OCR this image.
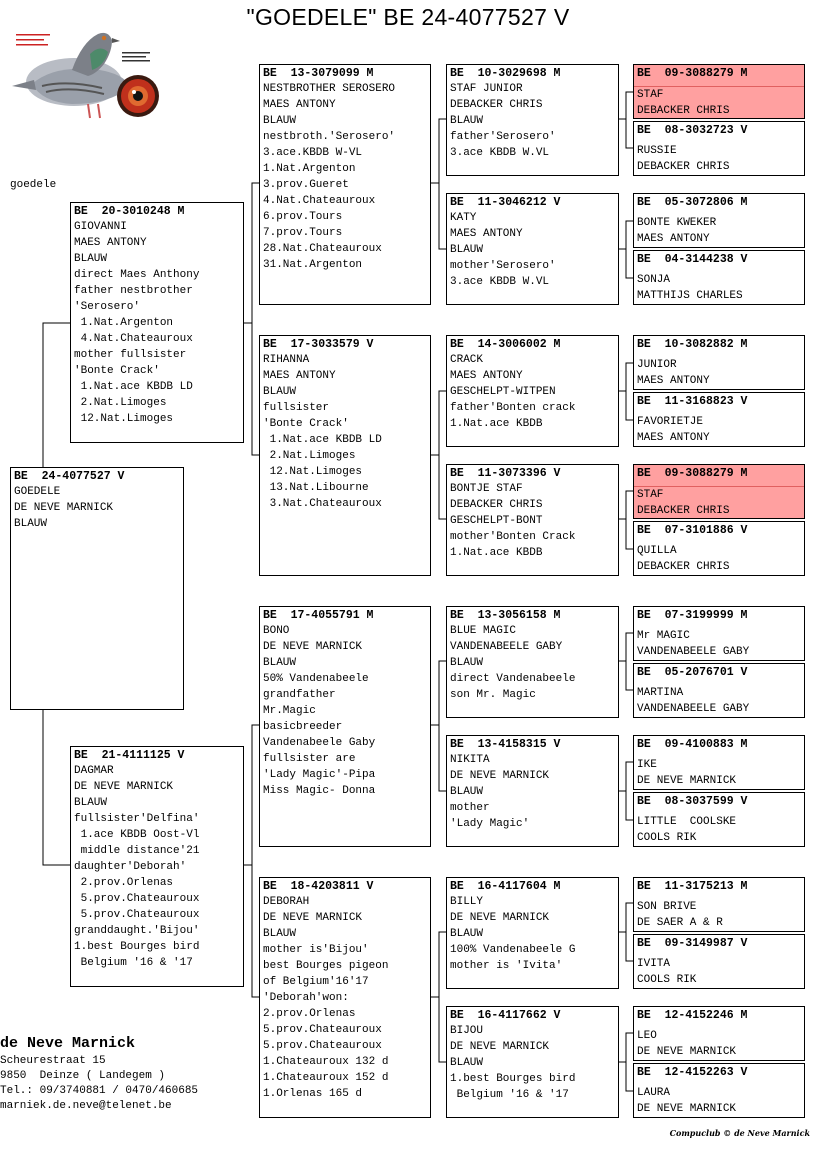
"GOEDELE" BE 24-4077527 V
goedele
BE  24-4077527 V
GOEDELE
DE NEVE MARNICK
BLAUW
BE  20-3010248 M
GIOVANNI
MAES ANTONY
BLAUW
direct Maes Anthony
father nestbrother
'Serosero'
1.Nat.Argenton
4.Nat.Chateauroux
mother fullsister
'Bonte Crack'
1.Nat.ace KBDB LD
2.Nat.Limoges
12.Nat.Limoges
BE  21-4111125 V
DAGMAR
DE NEVE MARNICK
BLAUW
fullsister'Delfina'
1.ace KBDB Oost-Vl
middle distance'21
daughter'Deborah'
2.prov.Orlenas
5.prov.Chateauroux
5.prov.Chateauroux
granddaught.'Bijou'
1.best Bourges bird
Belgium '16 & '17
BE  13-3079099 M
NESTBROTHER SEROSERO
MAES ANTONY
BLAUW
nestbroth.'Serosero'
3.ace.KBDB W-VL
1.Nat.Argenton
3.prov.Gueret
4.Nat.Chateauroux
6.prov.Tours
7.prov.Tours
28.Nat.Chateauroux
31.Nat.Argenton
BE  17-3033579 V
RIHANNA
MAES ANTONY
BLAUW
fullsister
'Bonte Crack'
1.Nat.ace KBDB LD
2.Nat.Limoges
12.Nat.Limoges
13.Nat.Libourne
3.Nat.Chateauroux
BE  17-4055791 M
BONO
DE NEVE MARNICK
BLAUW
50% Vandenabeele
grandfather
Mr.Magic
basicbreeder
Vandenabeele Gaby
fullsister are
'Lady Magic'-Pipa
Miss Magic- Donna
BE  18-4203811 V
DEBORAH
DE NEVE MARNICK
BLAUW
mother is'Bijou'
best Bourges pigeon
of Belgium'16'17
'Deborah'won:
2.prov.Orlenas
5.prov.Chateauroux
5.prov.Chateauroux
1.Chateauroux 132 d
1.Chateauroux 152 d
1.Orlenas 165 d
BE  10-3029698 M
STAF JUNIOR
DEBACKER CHRIS
BLAUW
father'Serosero'
3.ace KBDB W.VL
BE  11-3046212 V
KATY
MAES ANTONY
BLAUW
mother'Serosero'
3.ace KBDB W.VL
BE  14-3006002 M
CRACK
MAES ANTONY
GESCHELPT-WITPEN
father'Bonten crack
1.Nat.ace KBDB
BE  11-3073396 V
BONTJE STAF
DEBACKER CHRIS
GESCHELPT-BONT
mother'Bonten Crack
1.Nat.ace KBDB
BE  13-3056158 M
BLUE MAGIC
VANDENABEELE GABY
BLAUW
direct Vandenabeele
son Mr. Magic
BE  13-4158315 V
NIKITA
DE NEVE MARNICK
BLAUW
mother
'Lady Magic'
BE  16-4117604 M
BILLY
DE NEVE MARNICK
BLAUW
100% Vandenabeele G
mother is 'Ivita'
BE  16-4117662 V
BIJOU
DE NEVE MARNICK
BLAUW
1.best Bourges bird
Belgium '16 & '17
BE  09-3088279 M
STAF
DEBACKER CHRIS
BE  08-3032723 V
RUSSIE
DEBACKER CHRIS
BE  05-3072806 M
BONTE KWEKER
MAES ANTONY
BE  04-3144238 V
SONJA
MATTHIJS CHARLES
BE  10-3082882 M
JUNIOR
MAES ANTONY
BE  11-3168823 V
FAVORIETJE
MAES ANTONY
BE  09-3088279 M
STAF
DEBACKER CHRIS
BE  07-3101886 V
QUILLA
DEBACKER CHRIS
BE  07-3199999 M
Mr MAGIC
VANDENABEELE GABY
BE  05-2076701 V
MARTINA
VANDENABEELE GABY
BE  09-4100883 M
IKE
DE NEVE MARNICK
BE  08-3037599 V
LITTLE  COOLSKE
COOLS RIK
BE  11-3175213 M
SON BRIVE
DE SAER A & R
BE  09-3149987 V
IVITA
COOLS RIK
BE  12-4152246 M
LEO
DE NEVE MARNICK
BE  12-4152263 V
LAURA
DE NEVE MARNICK
de Neve Marnick
Scheurestraat 15
9850  Deinze ( Landegem )
Tel.: 09/3740881 / 0470/460685
marniek.de.neve@telenet.be
Compuclub © de Neve Marnick
